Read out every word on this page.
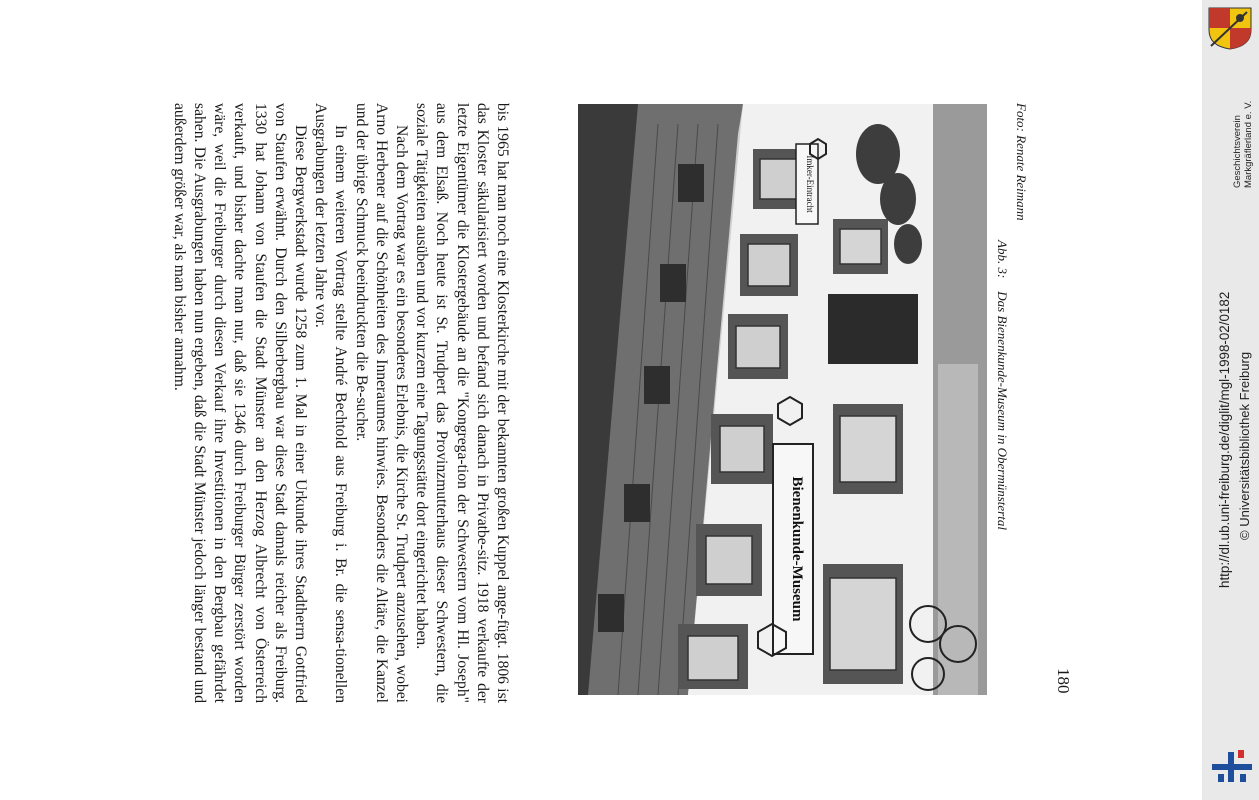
bis 1965 hat man noch eine Klosterkirche mit der bekannten großen Kuppel ange-fügt. 1806 ist das Kloster säkularisiert worden und befand sich danach in Privatbe-sitz. 1918 verkaufte der letzte Eigentümer die Klostergebäude an die "Kongrega-tion der Schwestern vom Hl. Joseph" aus dem Elsaß. Noch heute ist St. Trudpert das Provinzmutterhaus dieser Schwestern, die soziale Tätigkeiten ausüben und vor kurzem eine Tagungsstätte dort eingerichtet haben.

Nach dem Vortrag war es ein besonderes Erlebnis, die Kirche St. Trudpert anzusehen, wobei Arno Herbener auf die Schönheiten des Inneraumes hinwies. Besonders die Altäre, die Kanzel und der übrige Schmuck beeindruckten die Be-sucher.

In einem weiteren Vortrag stellte André Bechtold aus Freiburg i. Br. die sensa-tionellen Ausgrabungen der letzten Jahre vor.

Diese Bergwerkstadt wurde 1258 zum 1. Mal in einer Urkunde ihres Stadtherrn Gottfried von Staufen erwähnt. Durch den Silberbergbau war diese Stadt damals reicher als Freiburg. 1330 hat Johann von Staufen die Stadt Münster an den Herzog Albrecht von Österreich verkauft, und bisher dachte man nur, daß sie 1346 durch Freiburger Bürger zerstört worden wäre, weil die Freiburger durch diesen Verkauf ihre Investitionen in den Bergbau gefährdet sahen. Die Ausgrabungen haben nun ergeben, daß die Stadt Münster jedoch länger bestand und außerdem größer war, als man bisher annahm.

Bienenkunde-Museum
Imker-Eintracht
Abb. 3:    Das Bienenkunde-Museum in Obermünstertal
Foto: Renate Reimann
180
Geschichtsverein Markgräflerland e. V.
http://dl.ub.uni-freiburg.de/diglit/mgl-1998-02/0182 © Universitätsbibliothek Freiburg
